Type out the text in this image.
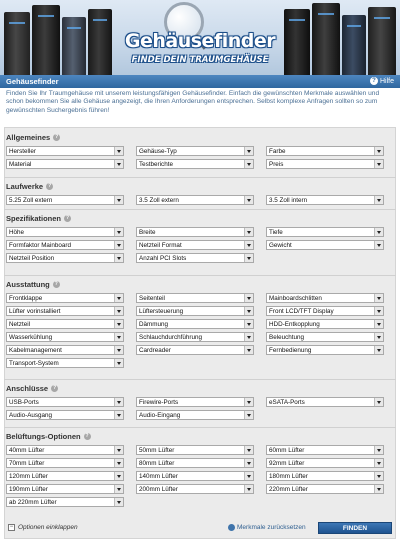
Gehäusefinder
FINDE DEIN TRAUMGEHÄUSE
Gehäusefinder	? Hilfe
Finden Sie Ihr Traumgehäuse mit unserem leistungsfähigen Gehäusefinder. Einfach die gewünschten Merkmale auswählen und schon bekommen Sie alle Gehäuse angezeigt, die Ihren Anforderungen entsprechen. Selbst komplexe Anfragen sollten so zum gewünschten Suchergebnis führen!
Allgemeines ?
Hersteller	Gehäuse-Typ	Farbe
Material	Testberichte	Preis
Laufwerke ?
5.25 Zoll extern	3.5 Zoll extern	3.5 Zoll intern
Spezifikationen ?
Höhe	Breite	Tiefe
Formfaktor Mainboard	Netzteil Format	Gewicht
Netzteil Position	Anzahl PCI Slots
Ausstattung ?
Frontklappe	Seitenteil	Mainboardschlitten
Lüfter vorinstalliert	Lüftersteuerung	Front LCD/TFT Display
Netzteil	Dämmung	HDD-Entkopplung
Wasserkühlung	Schlauchdurchführung	Beleuchtung
Kabelmanagement	Cardreader	Fernbedienung
Transport-System
Anschlüsse ?
USB-Ports	Firewire-Ports	eSATA-Ports
Audio-Ausgang	Audio-Eingang
Belüftungs-Optionen ?
40mm Lüfter	50mm Lüfter	60mm Lüfter
70mm Lüfter	80mm Lüfter	92mm Lüfter
120mm Lüfter	140mm Lüfter	180mm Lüfter
190mm Lüfter	200mm Lüfter	220mm Lüfter
ab 220mm Lüfter
− Optionen einklappen	Merkmale zurücksetzen	FINDEN
